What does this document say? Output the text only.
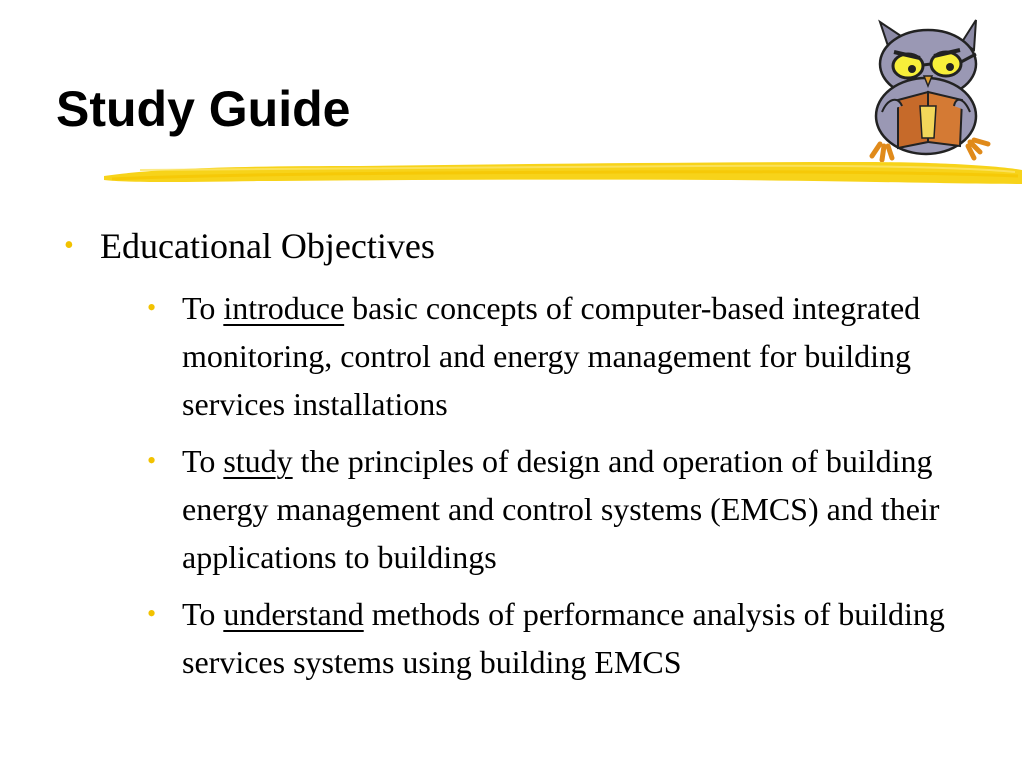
Study Guide
• Educational Objectives
• To introduce basic concepts of computer-based integrated monitoring, control and energy management for building services installations
• To study the principles of design and operation of building energy management and control systems (EMCS) and their applications to buildings
• To understand methods of performance analysis of building services systems using building EMCS
